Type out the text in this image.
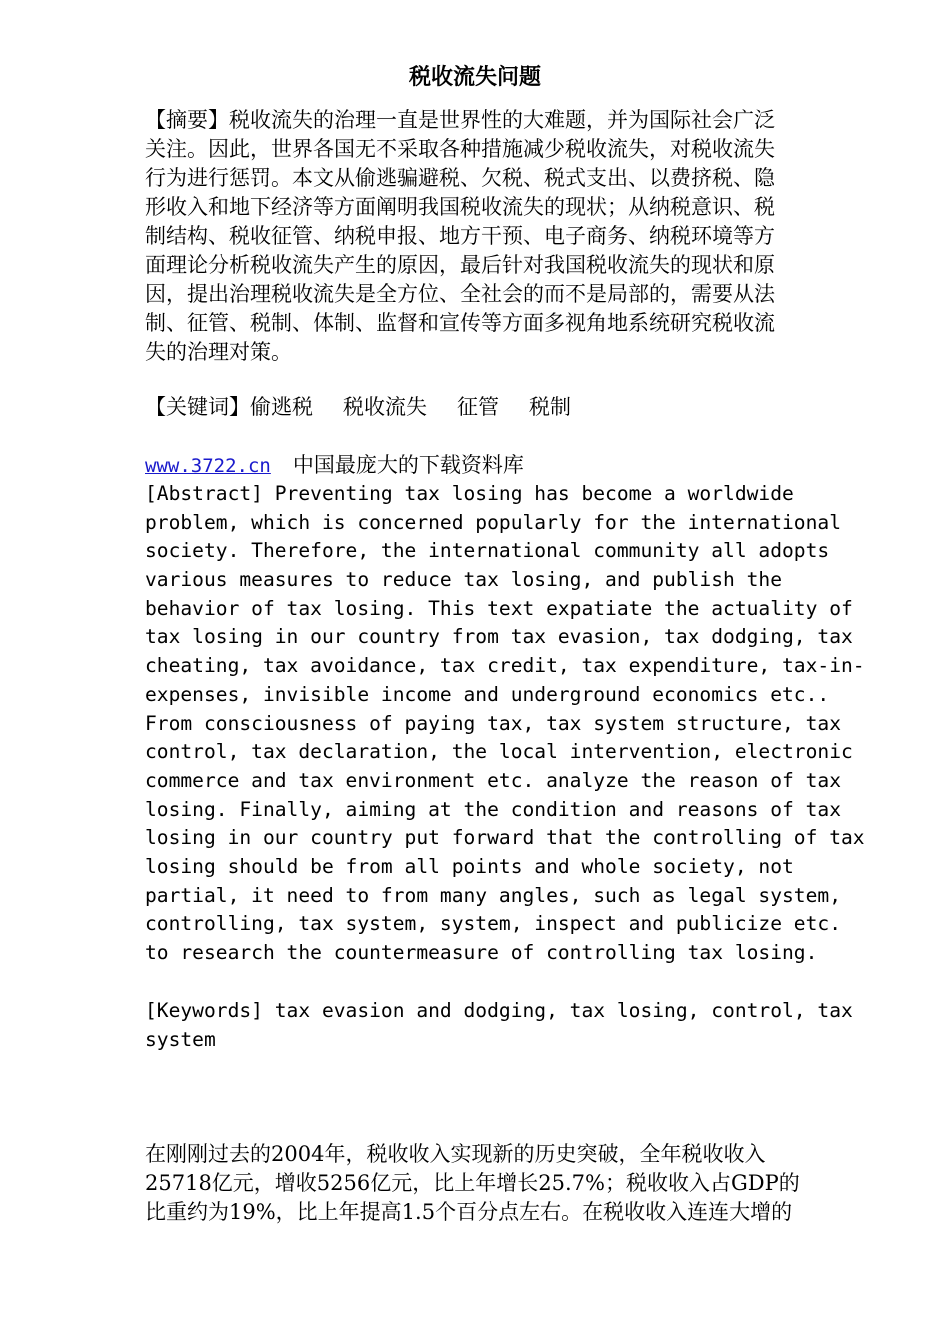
税收流失问题
【摘要】税收流失的治理一直是世界性的大难题，并为国际社会广泛
关注。因此，世界各国无不采取各种措施减少税收流失，对税收流失
行为进行惩罚。本文从偷逃骗避税、欠税、税式支出、以费挤税、隐
形收入和地下经济等方面阐明我国税收流失的现状；从纳税意识、税
制结构、税收征管、纳税申报、地方干预、电子商务、纳税环境等方
面理论分析税收流失产生的原因，最后针对我国税收流失的现状和原
因，提出治理税收流失是全方位、全社会的而不是局部的，需要从法
制、征管、税制、体制、监督和宣传等方面多视角地系统研究税收流
失的治理对策。
【关键词】偷逃税 税收流失 征管 税制
www.3722.cn 中国最庞大的下载资料库
[Abstract] Preventing tax losing has become a worldwide
problem, which is concerned popularly for the international
society. Therefore, the international community all adopts
various measures to reduce tax losing, and publish the
behavior of tax losing. This text expatiate the actuality of
tax losing in our country from tax evasion, tax dodging, tax
cheating, tax avoidance, tax credit, tax expenditure, tax-in-
expenses, invisible income and underground economics etc..
From consciousness of paying tax, tax system structure, tax
control, tax declaration, the local intervention, electronic
commerce and tax environment etc. analyze the reason of tax
losing. Finally, aiming at the condition and reasons of tax
losing in our country put forward that the controlling of tax
losing should be from all points and whole society, not
partial, it need to from many angles, such as legal system,
controlling, tax system, system, inspect and publicize etc.
to research the countermeasure of controlling tax losing.
[Keywords] tax evasion and dodging, tax losing, control, tax
system
在刚刚过去的2004年，税收收入实现新的历史突破，全年税收收入
25718亿元，增收5256亿元，比上年增长25.7%；税收收入占GDP的
比重约为19%，比上年提高1.5个百分点左右。在税收收入连连大增的
